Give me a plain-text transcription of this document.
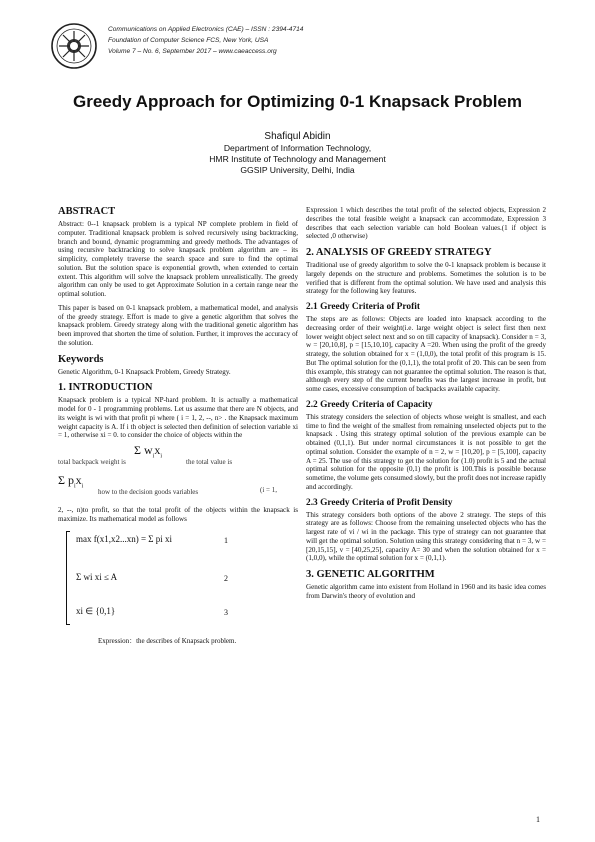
Communications on Applied Electronics (CAE) – ISSN : 2394-4714
Foundation of Computer Science FCS, New York, USA
Volume 7 – No. 6, September 2017 – www.caeaccess.org
Greedy Approach for Optimizing 0-1 Knapsack Problem
Shafiqul Abidin
Department of Information Technology,
HMR Institute of Technology and Management
GGSIP University, Delhi, India
ABSTRACT

Abstract: 0--1 knapsack problem is a typical NP complete problem in field of computer. Traditional knapsack problem is solved recursively using backtracking, branch and bound, dynamic programming and greedy methods. The advantages of using recursive backtracking to solve knapsack problem algorithm are – its simplicity, completely traverse the search space and sure to find the optimal solution. But the solution space is exponential growth, when extended to certain extent. This algorithm will solve the knapsack problem unrealistically. The greedy algorithm can only be used to get Approximate Solution in a certain range near the optimal solution.

This paper is based on 0-1 knapsack problem, a mathematical model, and analysis of the greedy strategy. Effort is made to give a genetic algorithm that solves the knapsack problem. Greedy strategy along with the traditional genetic algorithm has been improved that shorten the time of solution. Further, it improves the accuracy of the solution.

Keywords

Genetic Algorithm, 0-1 Knapsack Problem, Greedy Strategy.

1. INTRODUCTION

Knapsack problem is a typical NP-hard problem. It is actually a mathematical model for 0 - 1 programming problems. Let us assume that there are N objects, and its weight is wi with that profit pi where ( i = 1, 2, --, n> . the Knapsack maximum weight capacity is A. If i th object is selected then definition of selection variable xi = 1, otherwise xi = 0. to consider the choice of objects within the

Σ $w_ix_i$
total backpack weight is	the total value is
Σ $p_ix_i$
how to the decision goods variables	(i = 1,

2, --, n)to profit, so that the total profit of the objects within the knapsack is maximize. Its mathematical model as follows

max f(x1,x2...xn) = Σ pi xi	1
Σ wi xi ≤ A	2
xi ∈ {0,1}	3
Expression：the describes of Knapsack problem.

Expression 1 which describes the total profit of the selected objects, Expression 2 describes the total feasible weight a knapsack can accommodate, Expression 3 describes that each selection variable can hold Boolean values.(1 if object is selected ,0 otherwise)

2. ANALYSIS OF GREEDY STRATEGY

Traditional use of greedy algorithm to solve the 0-1 knapsack problem is because it largely depends on the structure and problems. Sometimes the solution is to be verified that is different from the optimal solution. We have used and analysis this strategy for the following key features.

2.1 Greedy Criteria of Profit

The steps are as follows: Objects are loaded into knapsack according to the decreasing order of their weight(i.e. large weight object is select first then next lower weight object select next and so on till capacity of knapsack). Consider n = 3, w = [20,10,8], p = [15,10,10], capacity A =20. When using the profit of the greedy strategy, the solution obtained for x = (1,0,0), the total profit of this program is 15. But The optimal solution for the (0,1,1), the total profit of 20. This can be seen from this example, this strategy can not guarantee the optimal solution. The reason is that, although every step of the current benefits was the largest increase in profit, but some cases, excessive consumption of backpacks available capacity.

2.2 Greedy Criteria of Capacity

This strategy considers the selection of objects whose weight is smallest, and each time to find the weight of the smallest from remaining unselected objects put to the knapsack . Using this strategy optimal solution of the previous example can be obtained (0,1,1). But under normal circumstances it is not possible to get the optimal solution. Consider the example of n = 2, w = [10,20], p = [5,100], capacity A = 25. The use of this strategy to get the solution for (1.0) profit is 5 and the actual optimal solution for the opposite (0,1) the profit is 100.This is possible because sometime, the volume gets consumed slowly, but the profit does not increase rapidly and accordingly.

2.3 Greedy Criteria of Profit Density

This strategy considers both options of the above 2 strategy. The steps of this strategy are as follows: Choose from the remaining unselected objects who has the largest rate of vi / wi in the package. This type of strategy can not guarantee that will get the optimal solution. Solution using this strategy considering that n = 3, w = [20,15,15], v = [40,25,25], capacity A= 30 and when the solution obtained for x = (1,0,0), while the optimal solution for x = (0,1,1).

3. GENETIC ALGORITHM

Genetic algorithm came into existent from Holland in 1960 and its basic idea comes from Darwin's theory of evolution and

1
